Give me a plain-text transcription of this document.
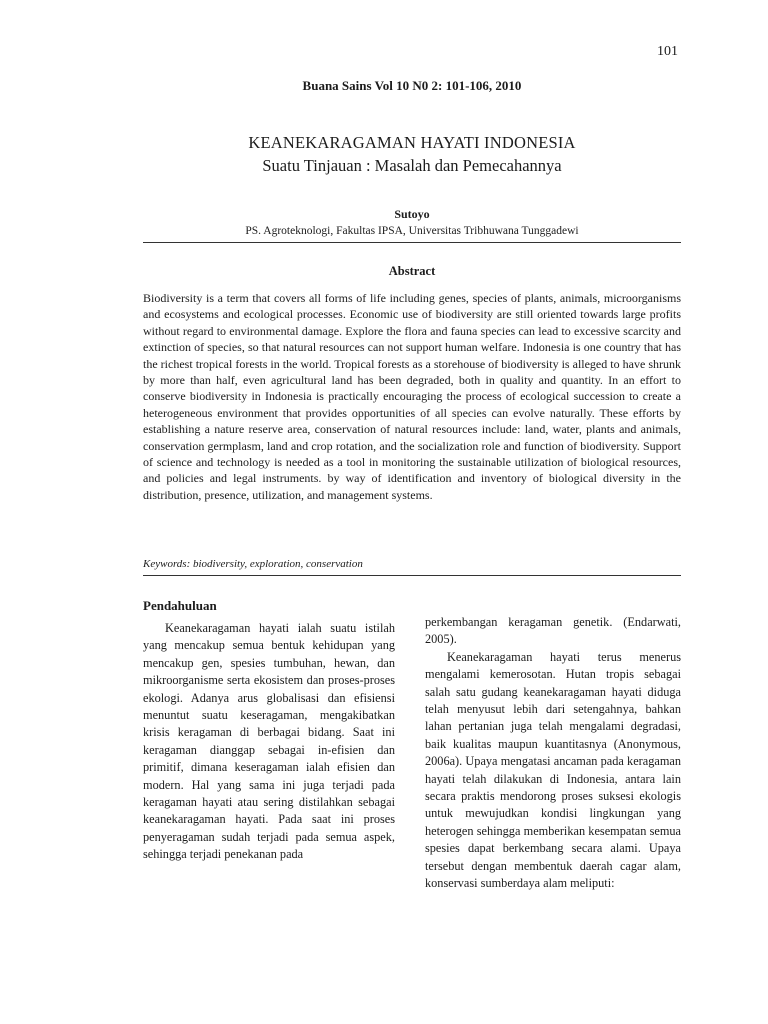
101
Buana Sains Vol 10 N0 2: 101-106, 2010
KEANEKARAGAMAN HAYATI INDONESIA
Suatu Tinjauan : Masalah dan Pemecahannya
Sutoyo
PS. Agroteknologi, Fakultas IPSA, Universitas Tribhuwana Tunggadewi
Abstract

Biodiversity is a term that covers all forms of life including genes, species of plants, animals, microorganisms and ecosystems and ecological processes. Economic use of biodiversity are still oriented towards large profits without regard to environmental damage. Explore the flora and fauna species can lead to excessive scarcity and extinction of species, so that natural resources can not support human welfare. Indonesia is one country that has the richest tropical forests in the world. Tropical forests as a storehouse of biodiversity is alleged to have shrunk by more than half, even agricultural land has been degraded, both in quality and quantity. In an effort to conserve biodiversity in Indonesia is practically encouraging the process of ecological succession to create a heterogeneous environment that provides opportunities of all species can evolve naturally. These efforts by establishing a nature reserve area, conservation of natural resources include: land, water, plants and animals, conservation germplasm, land and crop rotation, and the socialization role and function of biodiversity. Support of science and technology is needed as a tool in monitoring the sustainable utilization of biological resources, and policies and legal instruments. by way of identification and inventory of biological diversity in the distribution, presence, utilization, and management systems.

Keywords: biodiversity, exploration, conservation
Pendahuluan

Keanekaragaman hayati ialah suatu istilah yang mencakup semua bentuk kehidupan yang mencakup gen, spesies tumbuhan, hewan, dan mikroorganisme serta ekosistem dan proses-proses ekologi. Adanya arus globalisasi dan efisiensi menuntut suatu keseragaman, mengakibatkan krisis keragaman di berbagai bidang. Saat ini keragaman dianggap sebagai in-efisien dan primitif, dimana keseragaman ialah efisien dan modern. Hal yang sama ini juga terjadi pada keragaman hayati atau sering distilahkan sebagai keanekaragaman hayati. Pada saat ini proses penyeragaman sudah terjadi pada semua aspek, sehingga terjadi penekanan pada

perkembangan keragaman genetik. (Endarwati, 2005).

Keanekaragaman hayati terus menerus mengalami kemerosotan. Hutan tropis sebagai salah satu gudang keanekaragaman hayati diduga telah menyusut lebih dari setengahnya, bahkan lahan pertanian juga telah mengalami degradasi, baik kualitas maupun kuantitasnya (Anonymous, 2006a). Upaya mengatasi ancaman pada keragaman hayati telah dilakukan di Indonesia, antara lain secara praktis mendorong proses suksesi ekologis untuk mewujudkan kondisi lingkungan yang heterogen sehingga memberikan kesempatan semua spesies dapat berkembang secara alami. Upaya tersebut dengan membentuk daerah cagar alam, konservasi sumberdaya alam meliputi:
